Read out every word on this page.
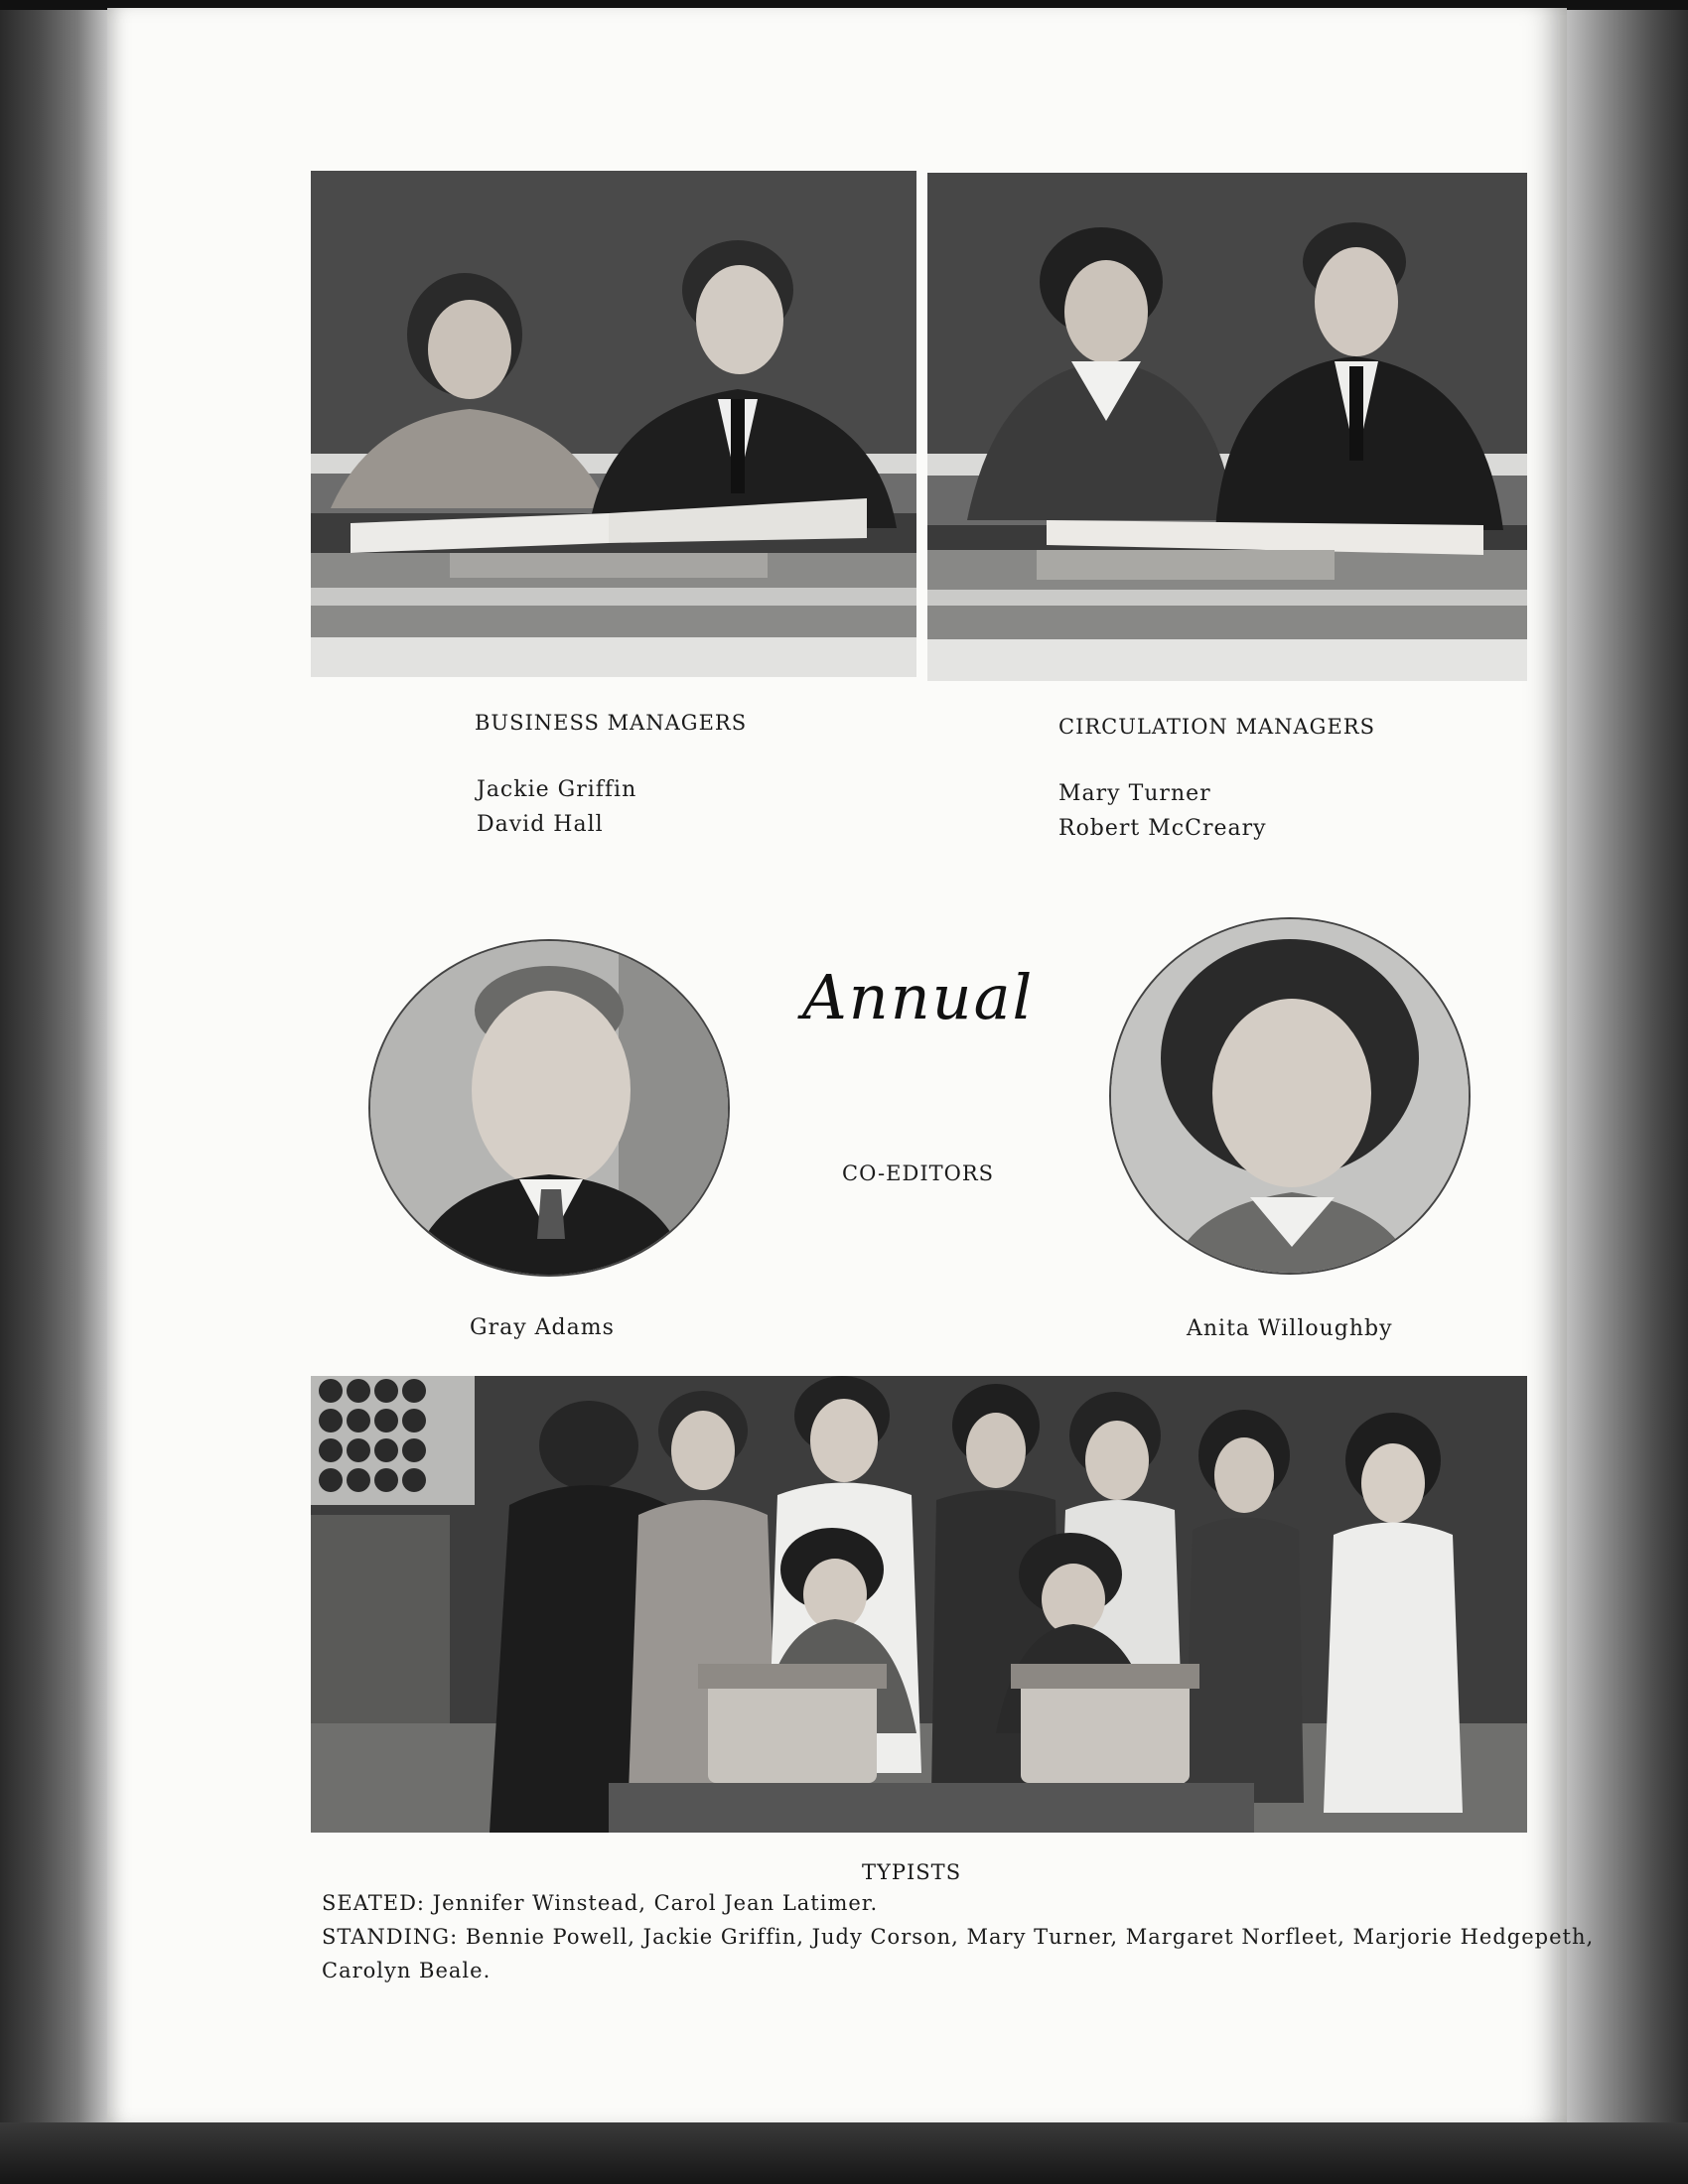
BUSINESS MANAGERS
Jackie Griffin
David Hall
CIRCULATION MANAGERS
Mary Turner
Robert McCreary
Annual
CO-EDITORS
Gray Adams	Anita Willoughby
TYPISTS
SEATED: Jennifer Winstead, Carol Jean Latimer.
STANDING: Bennie Powell, Jackie Griffin, Judy Corson, Mary Turner, Margaret Norfleet, Marjorie Hedgepeth, Carolyn Beale.
